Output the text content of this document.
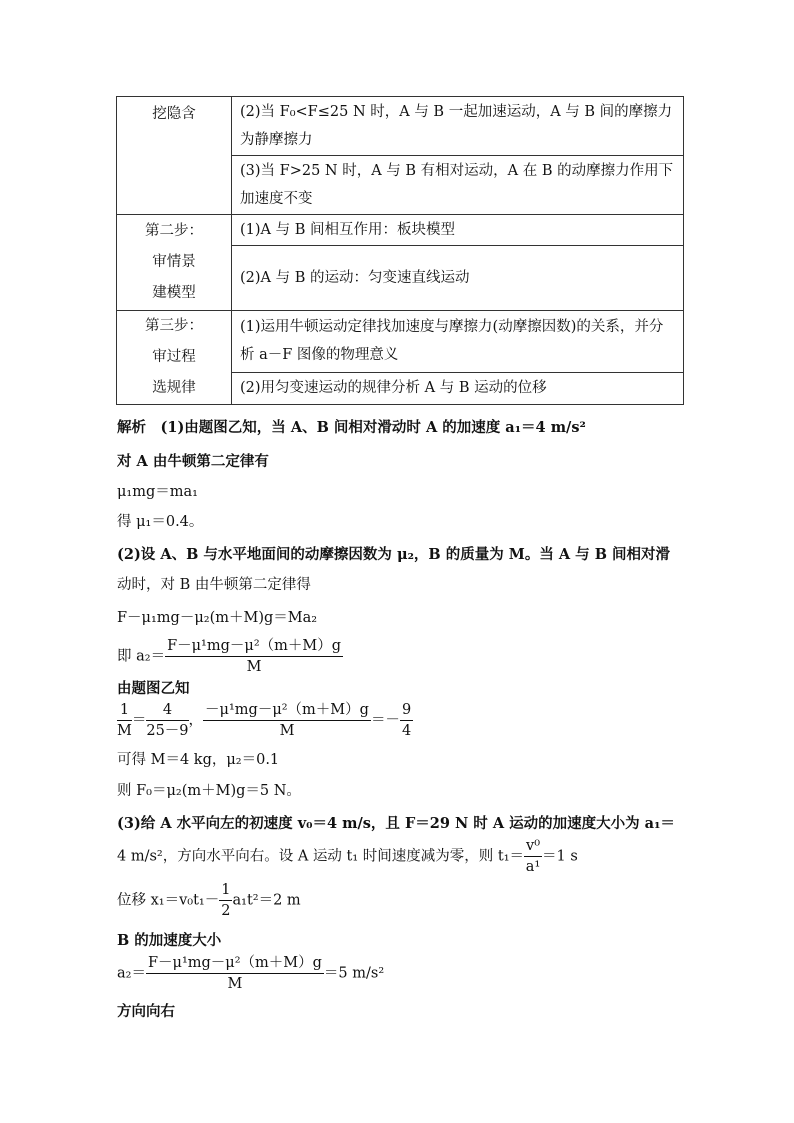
挖隐含	(2)当 F₀<F≤25 N 时，A 与 B 一起加速运动，A 与 B 间的摩擦力为静摩擦力
	(3)当 F>25 N 时，A 与 B 有相对运动，A 在 B 的动摩擦力作用下加速度不变

第二步：
审情景
建模型	(1)A 与 B 间相互作用：板块模型
	(2)A 与 B 的运动：匀变速直线运动

第三步：
审过程
选规律	(1)运用牛顿运动定律找加速度与摩擦力(动摩擦因数)的关系，并分析 a－F 图像的物理意义
	(2)用匀变速运动的规律分析 A 与 B 运动的位移
解析　(1)由题图乙知，当 A、B 间相对滑动时 A 的加速度 a₁＝4 m/s²
对 A 由牛顿第二定律有
μ₁mg＝ma₁
得 μ₁＝0.4。
(2)设 A、B 与水平地面间的动摩擦因数为 μ₂，B 的质量为 M。当 A 与 B 间相对滑
动时，对 B 由牛顿第二定律得
F－μ₁mg－μ₂(m＋M)g＝Ma₂
即 $a_2= \frac{\text{F－μ¹mg－μ²（m＋M）g}}{M}$
由题图乙知
$\frac{1}{M} = \frac{4}{25-9}$ ， $\frac{\text{－μ¹mg－μ²（m＋M）g}}{M} =- \frac{9}{4}$
可得 M＝4 kg，μ₂＝0.1
则 F₀＝μ₂(m＋M)g＝5 N。
(3)给 A 水平向左的初速度 v₀＝4 m/s，且 F＝29 N 时 A 运动的加速度大小为 a₁＝
4 m/s²，方向水平向右。设 A 运动 t₁ 时间速度减为零，则 $t_1= \frac{\text{v⁰}}{\text{a¹}} =1$ s
位移 $x_1=v_0t_1- \frac{1}{2} a_1t^2=2$ m
B 的加速度大小
$a_2= \frac{\text{F－μ¹mg－μ²（m＋M）g}}{M} =5$ m/s²
方向向右
